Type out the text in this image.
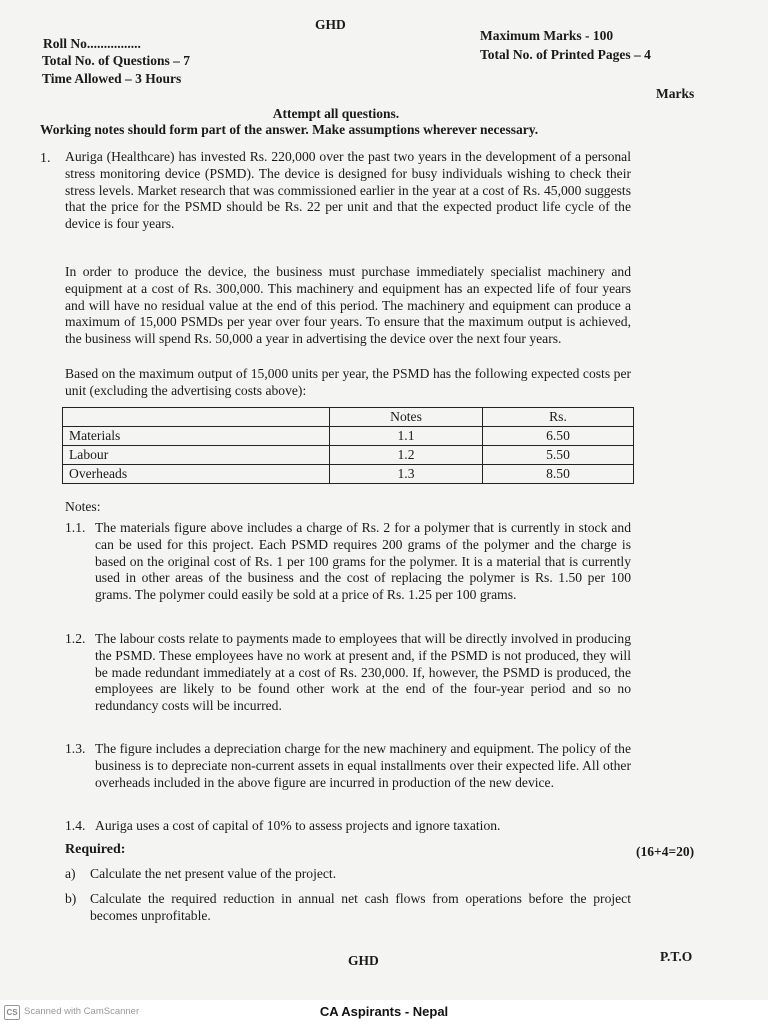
GHD
Roll No................
Total No. of Questions – 7
Time Allowed – 3 Hours
Maximum Marks - 100
Total No. of Printed Pages – 4
Marks
Attempt all questions.
Working notes should form part of the answer. Make assumptions wherever necessary.
1. Auriga (Healthcare) has invested Rs. 220,000 over the past two years in the development of a personal stress monitoring device (PSMD). The device is designed for busy individuals wishing to check their stress levels. Market research that was commissioned earlier in the year at a cost of Rs. 45,000 suggests that the price for the PSMD should be Rs. 22 per unit and that the expected product life cycle of the device is four years.
In order to produce the device, the business must purchase immediately specialist machinery and equipment at a cost of Rs. 300,000. This machinery and equipment has an expected life of four years and will have no residual value at the end of this period. The machinery and equipment can produce a maximum of 15,000 PSMDs per year over four years. To ensure that the maximum output is achieved, the business will spend Rs. 50,000 a year in advertising the device over the next four years.
Based on the maximum output of 15,000 units per year, the PSMD has the following expected costs per unit (excluding the advertising costs above):
	Notes	Rs.
Materials	1.1	6.50
Labour	1.2	5.50
Overheads	1.3	8.50
Notes:
1.1. The materials figure above includes a charge of Rs. 2 for a polymer that is currently in stock and can be used for this project. Each PSMD requires 200 grams of the polymer and the charge is based on the original cost of Rs. 1 per 100 grams for the polymer. It is a material that is currently used in other areas of the business and the cost of replacing the polymer is Rs. 1.50 per 100 grams. The polymer could easily be sold at a price of Rs. 1.25 per 100 grams.
1.2. The labour costs relate to payments made to employees that will be directly involved in producing the PSMD. These employees have no work at present and, if the PSMD is not produced, they will be made redundant immediately at a cost of Rs. 230,000. If, however, the PSMD is produced, the employees are likely to be found other work at the end of the four-year period and so no redundancy costs will be incurred.
1.3. The figure includes a depreciation charge for the new machinery and equipment. The policy of the business is to depreciate non-current assets in equal installments over their expected life. All other overheads included in the above figure are incurred in production of the new device.
1.4. Auriga uses a cost of capital of 10% to assess projects and ignore taxation.
Required:	(16+4=20)
a)	Calculate the net present value of the project.
b)	Calculate the required reduction in annual net cash flows from operations before the project becomes unprofitable.
GHD	P.T.O
CS Scanned with CamScanner	CA Aspirants - Nepal
